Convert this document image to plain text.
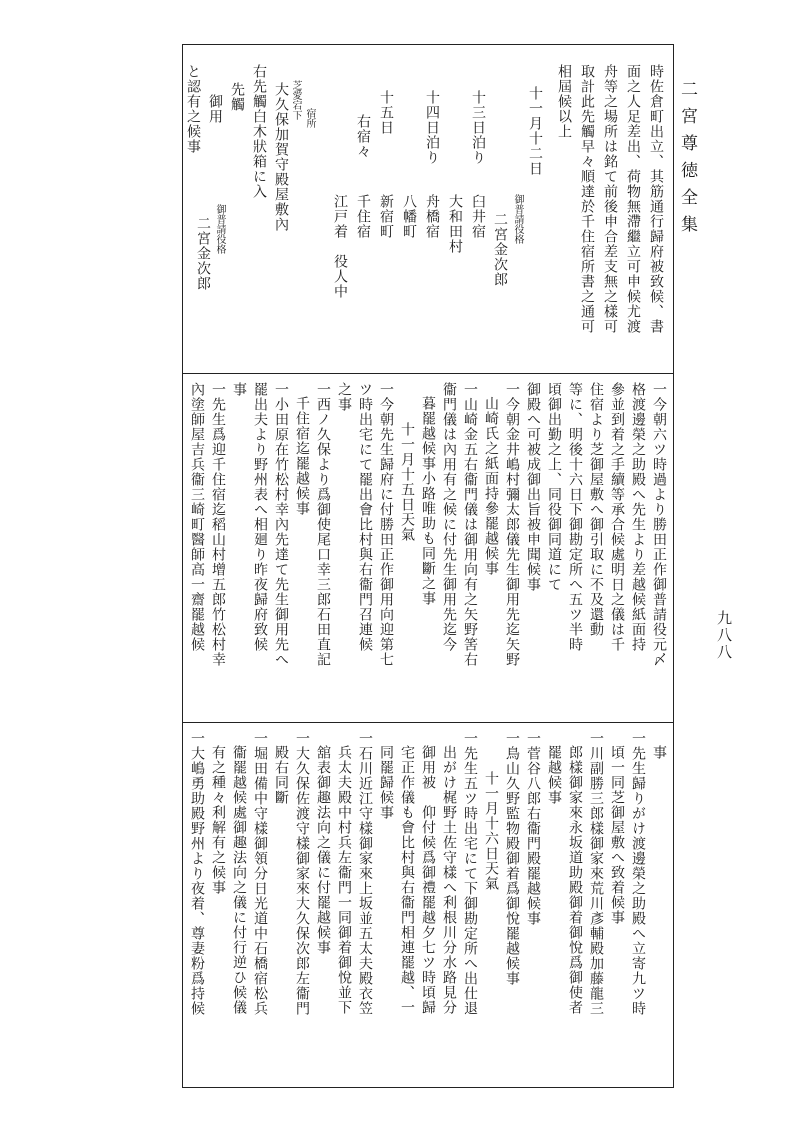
二宮尊徳全集
九八八
時佐倉町出立、其筋通行歸府被致候、書
面之人足差出、荷物無滯繼立可申候尤渡
舟等之場所は銘て前後申合差支無之樣可
取計此先觸早々順達於千住宿所書之通可
相屆候以上
十一月十二日
御普請役格
二宮金次郎
十三日泊り
臼井宿
大和田村
十四日泊り
舟橋宿
八幡町
新宿町
千住宿
十五日
江戸着
右宿々
役人中
宿所
芝愛宕下
大久保加賀守殿屋敷內
右先觸白木狀箱に入
先觸
御普請役格
御用
二宮金次郎
と認有之候事
一今朝六ツ時過より勝田正作御普請役元〆
格渡邊榮之助殿へ先生より差越候紙面持
參並到着之手續等承合候處明日之儀は千
住宿より芝御屋敷へ御引取に不及還動
等に、明後十六日下御勘定所へ五ツ半時
頃御出勤之上、同役御同道にて
御殿へ可被成御出旨被申聞候事
一今朝金井嶋村彌太郎儀先生御用先迄矢野
山崎氏之紙面持參罷越候事
一山崎金五右衞門儀は御用向有之矢野筈右
衞門儀は內用有之候に付先生御用先迄今
暮罷越候事小路唯助も同斷之事
十一月十五日天氣
一今朝先生歸府に付勝田正作御用向迎第七
ツ時出宅にて罷出會比村與右衞門召連候
之事
一西ノ久保より爲御使尾口幸三郎石田直記
千住宿迄罷越候事
一小田原在竹松村幸內先達て先生御用先へ
罷出夫より野州表へ相廻り昨夜歸府致候
事
一先生爲迎千住宿迄稻山村增五郎竹松村幸
內塗師屋吉兵衞三崎町醫師高一齋罷越候
事
一先生歸りがけ渡邊榮之助殿へ立寄九ツ時
頃一同芝御屋敷へ致着候事
一川副勝三郎樣御家來荒川彥輔殿加藤龍三
郎樣御家來永坂道助殿御着御悅爲御使者
罷越候事
一菅谷八郎右衞門殿罷越候事
一鳥山久野監物殿御着爲御悅罷越候事
十一月十六日天氣
一先生五ツ時出宅にて下御勘定所へ出仕退
出がけ梶野土佐守樣へ利根川分水路見分
御用被　仰付候爲御禮罷越夕七ツ時頃歸
宅正作儀も會比村與右衞門相連罷越、一
同罷歸候事
一石川近江守樣御家來上坂並五太夫殿衣笠
兵太夫殿中村兵左衞門一同御着御悅並下
舘表御趣法向之儀に付罷越候事
一大久保佐渡守樣御家來大久保次郎左衞門
殿右同斷
一堀田備中守樣御領分日光道中石橋宿松兵
衞罷越候處御趣法向之儀に付行逆ひ候儀
有之種々利解有之候事
一大嶋勇助殿野州より夜着、尊妻粉爲持候
